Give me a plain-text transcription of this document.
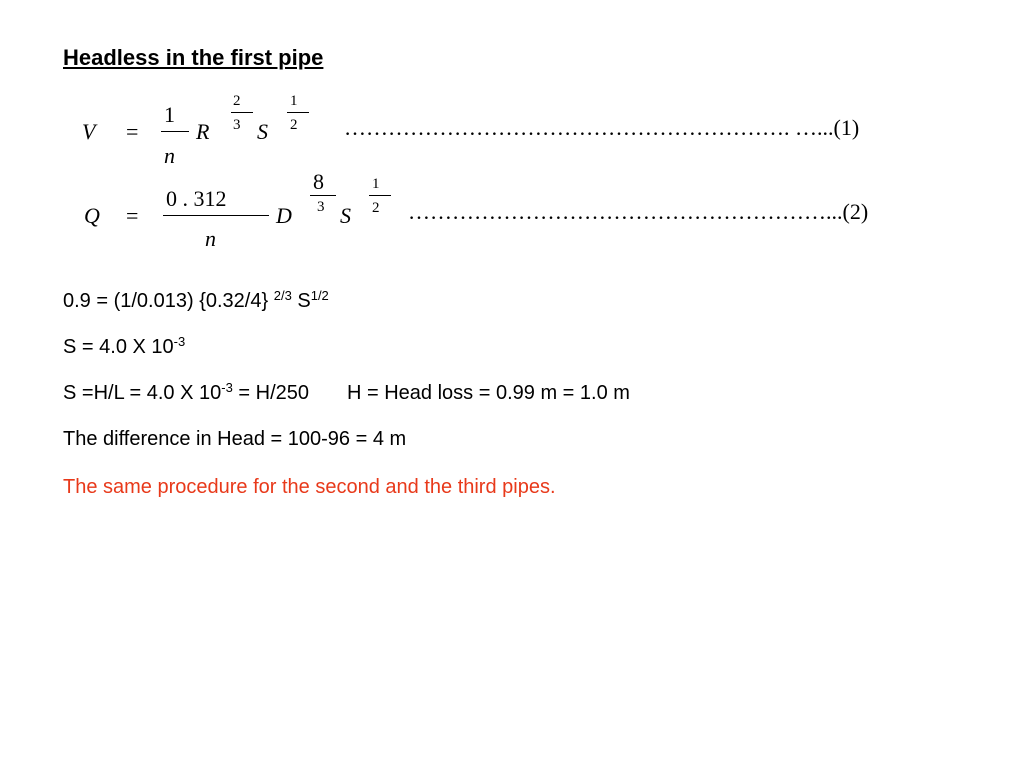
Headless in the first pipe
V =
1
n
R
2
3 S
1
2 ……………………………………………………. …...(1)
Q =
0 . 312
n
D
8
3 S
1
2 …………………………………………………...(2)
0.9 = (1/0.013) {0.32/4} $^{2/3}$ $S^{1/2}$
S = 4.0 X $10^{-3}$
S =H/L = 4.0 X $10^{-3} = H/250$ H = Head loss = 0.99 m = 1.0 m
The difference in Head = 100-96 = 4 m
The same procedure for the second and the third pipes.
